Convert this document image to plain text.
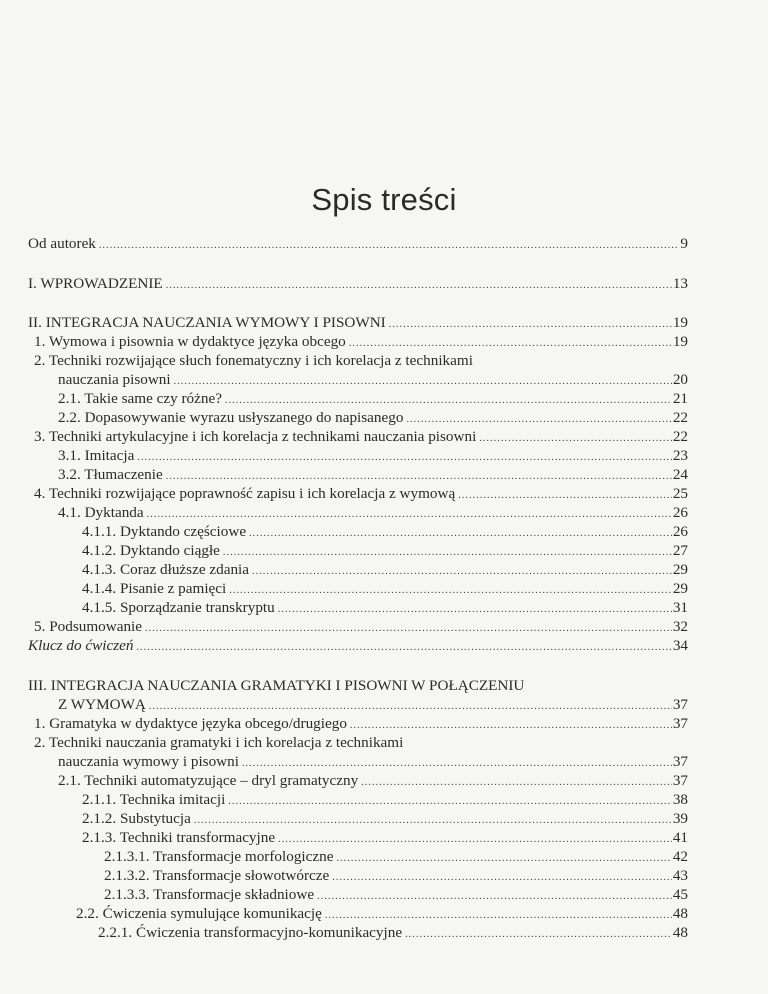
Spis treści
Od autorek .....	9
I. WPROWADZENIE .....	13
II. INTEGRACJA NAUCZANIA WYMOWY I PISOWNI .....	19
1. Wymowa i pisownia w dydaktyce języka obcego .....	19
2. Techniki rozwijające słuch fonematyczny i ich korelacja z technikami
nauczania pisowni .....	20
2.1. Takie same czy różne? .....	21
2.2. Dopasowywanie wyrazu usłyszanego do napisanego .....	22
3. Techniki artykulacyjne i ich korelacja z technikami nauczania pisowni .....	22
3.1. Imitacja .....	23
3.2. Tłumaczenie .....	24
4. Techniki rozwijające poprawność zapisu i ich korelacja z wymową .....	25
4.1. Dyktanda .....	26
4.1.1. Dyktando częściowe .....	26
4.1.2. Dyktando ciągłe .....	27
4.1.3. Coraz dłuższe zdania .....	29
4.1.4. Pisanie z pamięci .....	29
4.1.5. Sporządzanie transkryptu .....	31
5. Podsumowanie .....	32
Klucz do ćwiczeń .....	34
III. INTEGRACJA NAUCZANIA GRAMATYKI I PISOWNI W POŁĄCZENIU
Z WYMOWĄ .....	37
1. Gramatyka w dydaktyce języka obcego/drugiego .....	37
2. Techniki nauczania gramatyki i ich korelacja z technikami
nauczania wymowy i pisowni .....	37
2.1. Techniki automatyzujące – dryl gramatyczny .....	37
2.1.1. Technika imitacji .....	38
2.1.2. Substytucja .....	39
2.1.3. Techniki transformacyjne .....	41
2.1.3.1. Transformacje morfologiczne .....	42
2.1.3.2. Transformacje słowotwórcze .....	43
2.1.3.3. Transformacje składniowe .....	45
2.2. Ćwiczenia symulujące komunikację .....	48
2.2.1. Ćwiczenia transformacyjno-komunikacyjne .....	48
